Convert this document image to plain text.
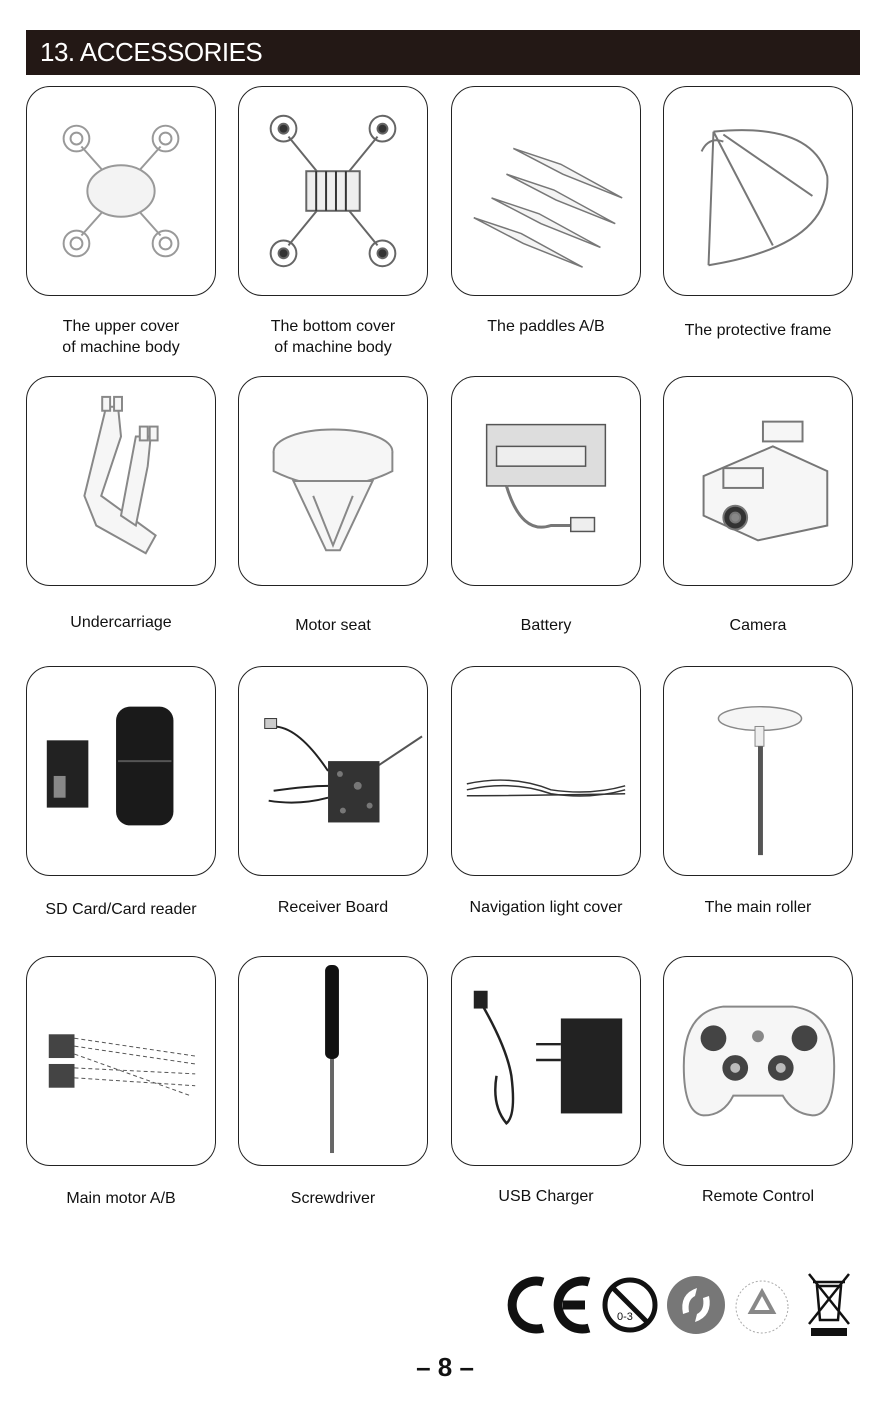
13. ACCESSORIES
The upper cover
of machine body
The bottom cover
of machine body
The paddles A/B	The protective frame
Undercarriage	Motor seat	Battery	Camera
SD Card/Card reader	Receiver Board	Navigation light cover	The main roller
Main motor A/B	Screwdriver	USB Charger	Remote Control
0-3
– 8 –
